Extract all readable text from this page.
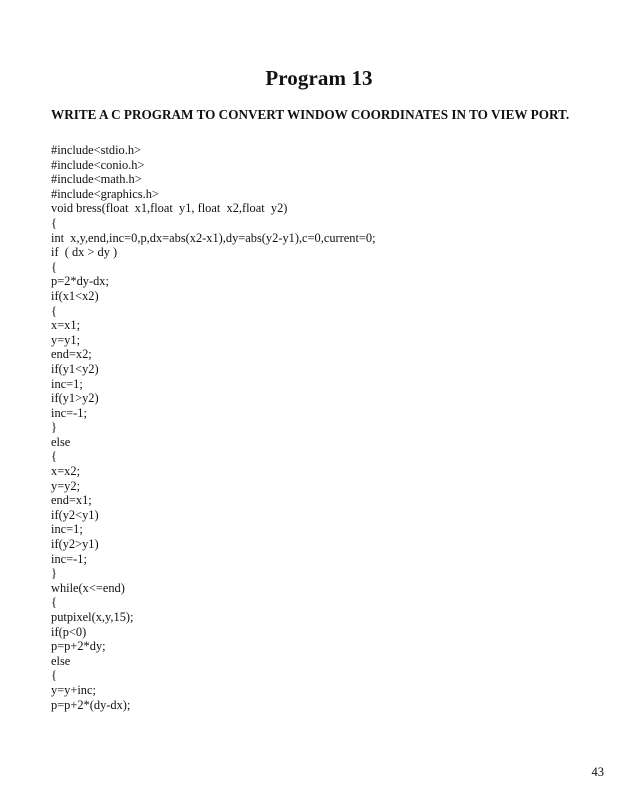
Program 13
WRITE A C PROGRAM TO CONVERT WINDOW COORDINATES IN TO VIEW PORT.
#include<stdio.h>
#include<conio.h>
#include<math.h>
#include<graphics.h>
void bress(float  x1,float  y1, float  x2,float  y2)
{
int  x,y,end,inc=0,p,dx=abs(x2-x1),dy=abs(y2-y1),c=0,current=0;
if  ( dx > dy )
{
p=2*dy-dx;
if(x1<x2)
{
x=x1;
y=y1;
end=x2;
if(y1<y2)
inc=1;
if(y1>y2)
inc=-1;
}
else
{
x=x2;
y=y2;
end=x1;
if(y2<y1)
inc=1;
if(y2>y1)
inc=-1;
}
while(x<=end)
{
putpixel(x,y,15);
if(p<0)
p=p+2*dy;
else
{
y=y+inc;
p=p+2*(dy-dx);
43
